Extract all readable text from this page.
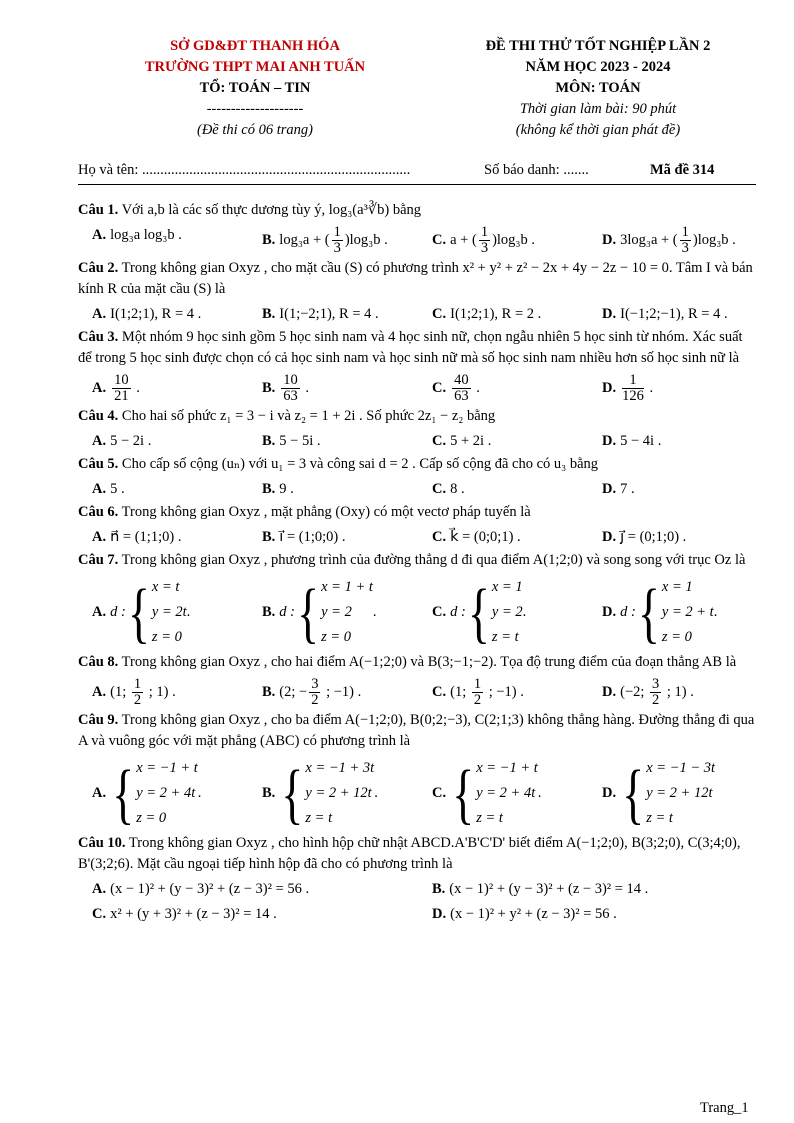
SỞ GD&ĐT THANH HÓA
TRƯỜNG THPT MAI ANH TUẤN
TỔ: TOÁN – TIN
--------------------
(Đề thi có 06 trang)
ĐỀ THI THỬ TỐT NGHIỆP LẦN 2
NĂM HỌC 2023 - 2024
MÔN: TOÁN
Thời gian làm bài: 90 phút
(không kể thời gian phát đề)
Họ và tên: ..........................................................................	Số báo danh: .......	Mã đề 314

Câu 1. Với a,b là các số thực dương tùy ý, log₃(a³∛b) bằng

A. log₃a log₃b .	B. log₃a + ( $\frac{1}{3} )\log_3b$ .	C. a + ( $\frac{1}{3} )\log_3b$ .	D. 3log₃a + ( $\frac{1}{3} )\log_3b$ .

Câu 2. Trong không gian Oxyz , cho mặt cầu (S) có phương trình x² + y² + z² − 2x + 4y − 2z − 10 = 0. Tâm I và bán kính R của mặt cầu (S) là

A. I(1;2;1), R = 4 .	B. I(1;−2;1), R = 4 .	C. I(1;2;1), R = 2 .	D. I(−1;2;−1), R = 4 .

Câu 3. Một nhóm 9 học sinh gồm 5 học sinh nam và 4 học sinh nữ, chọn ngẫu nhiên 5 học sinh từ nhóm. Xác suất để trong 5 học sinh được chọn có cả học sinh nam và học sinh nữ mà số học sinh nam nhiều hơn số học sinh nữ là

A. $\frac{10}{21}$ .	B. $\frac{10}{63}$ .	C. $\frac{40}{63}$ .	D. $\frac{1}{126}$ .

Câu 4. Cho hai số phức z₁ = 3 − i và z₂ = 1 + 2i . Số phức 2z₁ − z₂ bằng

A. 5 − 2i .	B. 5 − 5i .	C. 5 + 2i .	D. 5 − 4i .

Câu 5. Cho cấp số cộng (uₙ) với u₁ = 3 và công sai d = 2 . Cấp số cộng đã cho có u₃ bằng

A. 5 .	B. 9 .	C. 8 .	D. 7 .

Câu 6. Trong không gian Oxyz , mặt phẳng (Oxy) có một vectơ pháp tuyến là

A. n⃗ = (1;1;0) .	B. i⃗ = (1;0;0) .	C. k⃗ = (0;0;1) .	D. j⃗ = (0;1;0) .

Câu 7. Trong không gian Oxyz , phương trình của đường thẳng d đi qua điểm A(1;2;0) và song song với trục Oz là

A. d : { x = t
y = 2t
z = 0
.	B. d : { x = 1 + t
y = 2
z = 0
.	C. d : { x = 1
y = 2
z = t
.	D. d : { x = 1
y = 2 + t
z = 0
.

Câu 8. Trong không gian Oxyz , cho hai điểm A(−1;2;0) và B(3;−1;−2). Tọa độ trung điểm của đoạn thẳng AB là

A. (1; $\frac{1}{2}$ ; 1) .	B. (2; − $\frac{3}{2}$ ; −1) .	C. (1; $\frac{1}{2}$ ; −1) .	D. (−2; $\frac{3}{2}$ ; 1) .

Câu 9. Trong không gian Oxyz , cho ba điểm A(−1;2;0), B(0;2;−3), C(2;1;3) không thẳng hàng. Đường thẳng đi qua A và vuông góc với mặt phẳng (ABC) có phương trình là

A. { x = −1 + t
y = 2 + 4t
z = 0
.	B. { x = −1 + 3t
y = 2 + 12t
z = t
.	C. { x = −1 + t
y = 2 + 4t
z = t
.	D. { x = −1 − 3t
y = 2 + 12t
z = t

Câu 10. Trong không gian Oxyz , cho hình hộp chữ nhật ABCD.A'B'C'D' biết điểm A(−1;2;0), B(3;2;0), C(3;4;0), B'(3;2;6). Mặt cầu ngoại tiếp hình hộp đã cho có phương trình là

A. (x − 1)² + (y − 3)² + (z − 3)² = 56 .	B. (x − 1)² + (y − 3)² + (z − 3)² = 14 .
C. x² + (y + 3)² + (z − 3)² = 14 .	D. (x − 1)² + y² + (z − 3)² = 56 .
Trang_1
